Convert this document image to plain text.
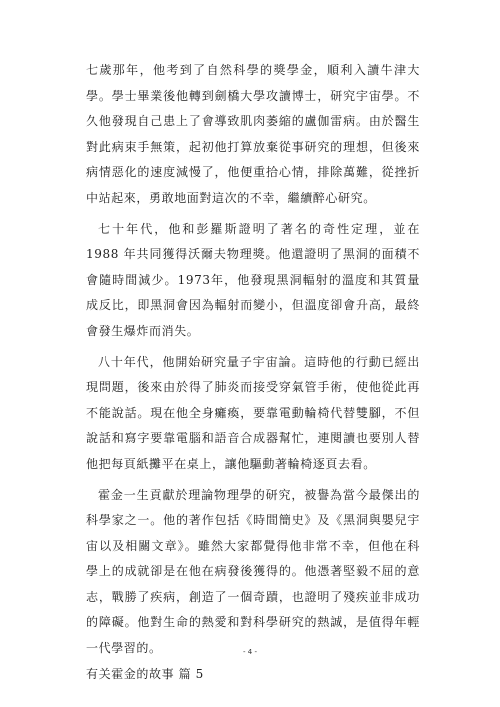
七歲那年，他考到了自然科學的獎學金，順利入讀牛津大學。學士畢業後他轉到劍橋大學攻讀博士，研究宇宙學。不久他發現自己患上了會導致肌肉萎縮的盧伽雷病。由於醫生對此病束手無策，起初他打算放棄從事研究的理想，但後來病情惡化的速度減慢了，他便重拾心情，排除萬難，從挫折中站起來，勇敢地面對這次的不幸，繼續醉心研究。

七十年代，他和彭羅斯證明了著名的奇性定理，並在 1988 年共同獲得沃爾夫物理獎。他還證明了黑洞的面積不會隨時間減少。1973年，他發現黑洞輻射的溫度和其質量成反比，即黑洞會因為輻射而變小，但溫度卻會升高，最終會發生爆炸而消失。

八十年代，他開始研究量子宇宙論。這時他的行動已經出現問題，後來由於得了肺炎而接受穿氣管手術，使他從此再不能說話。現在他全身癱瘓，要靠電動輪椅代替雙腳，不但說話和寫字要靠電腦和語音合成器幫忙，連閱讀也要別人替他把每頁紙攤平在桌上，讓他驅動著輪椅逐頁去看。

霍金一生貢獻於理論物理學的研究，被譽為當今最傑出的科學家之一。他的著作包括《時間簡史》及《黑洞與嬰兒宇宙以及相關文章》。雖然大家都覺得他非常不幸，但他在科學上的成就卻是在他在病發後獲得的。他憑著堅毅不屈的意志，戰勝了疾病，創造了一個奇蹟，也證明了殘疾並非成功的障礙。他對生命的熱愛和對科學研究的熱誠，是值得年輕一代學習的。

有关霍金的故事 篇 5

- 4 -
